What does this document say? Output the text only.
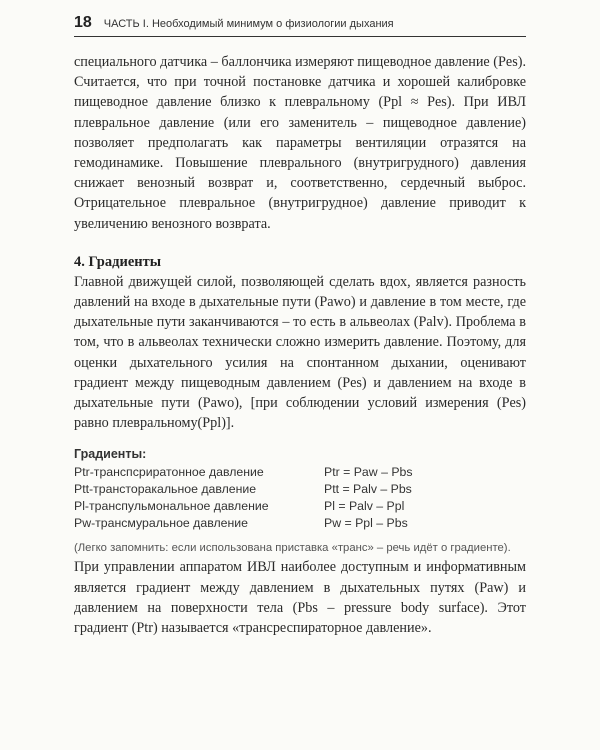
18 ЧАСТЬ I. Необходимый минимум о физиологии дыхания

специального датчика – баллончика измеряют пищеводное давление (Pes). Считается, что при точной постановке датчика и хорошей калибровке пищеводное давление близко к плевральному (Ppl ≈ Pes). При ИВЛ плевральное давление (или его заменитель – пищеводное давление) позволяет предполагать как параметры вентиляции отразятся на гемодинамике. Повышение плеврального (внутригрудного) давления снижает венозный возврат и, соответственно, сердечный выброс. Отрицательное плевральное (внутригрудное) давление приводит к увеличению венозного возврата.

4. Градиенты

Главной движущей силой, позволяющей сделать вдох, является разность давлений на входе в дыхательные пути (Pawo) и давление в том месте, где дыхательные пути заканчиваются – то есть в альвеолах (Palv). Проблема в том, что в альвеолах технически сложно измерить давление. Поэтому, для оценки дыхательного усилия на спонтанном дыхании, оценивают градиент между пищеводным давлением (Pes) и давлением на входе в дыхательные пути (Pawo), [при соблюдении условий измерения (Pes) равно плевральному(Ppl)].

Градиенты:
Ptr-транспсриратонное давление	Ptr = Paw – Pbs
Ptt-трансторакальное давление	Ptt = Palv – Pbs
Pl-транспульмональное давление	Pl = Palv – Ppl
Pw-трансмуральное давление	Pw = Ppl – Pbs
(Легко запомнить: если использована приставка «транс» – речь идёт о градиенте).

При управлении аппаратом ИВЛ наиболее доступным и информативным является градиент между давлением в дыхательных путях (Paw) и давлением на поверхности тела (Pbs – pressure body surface). Этот градиент (Ptr) называется «трансреспираторное давление».
